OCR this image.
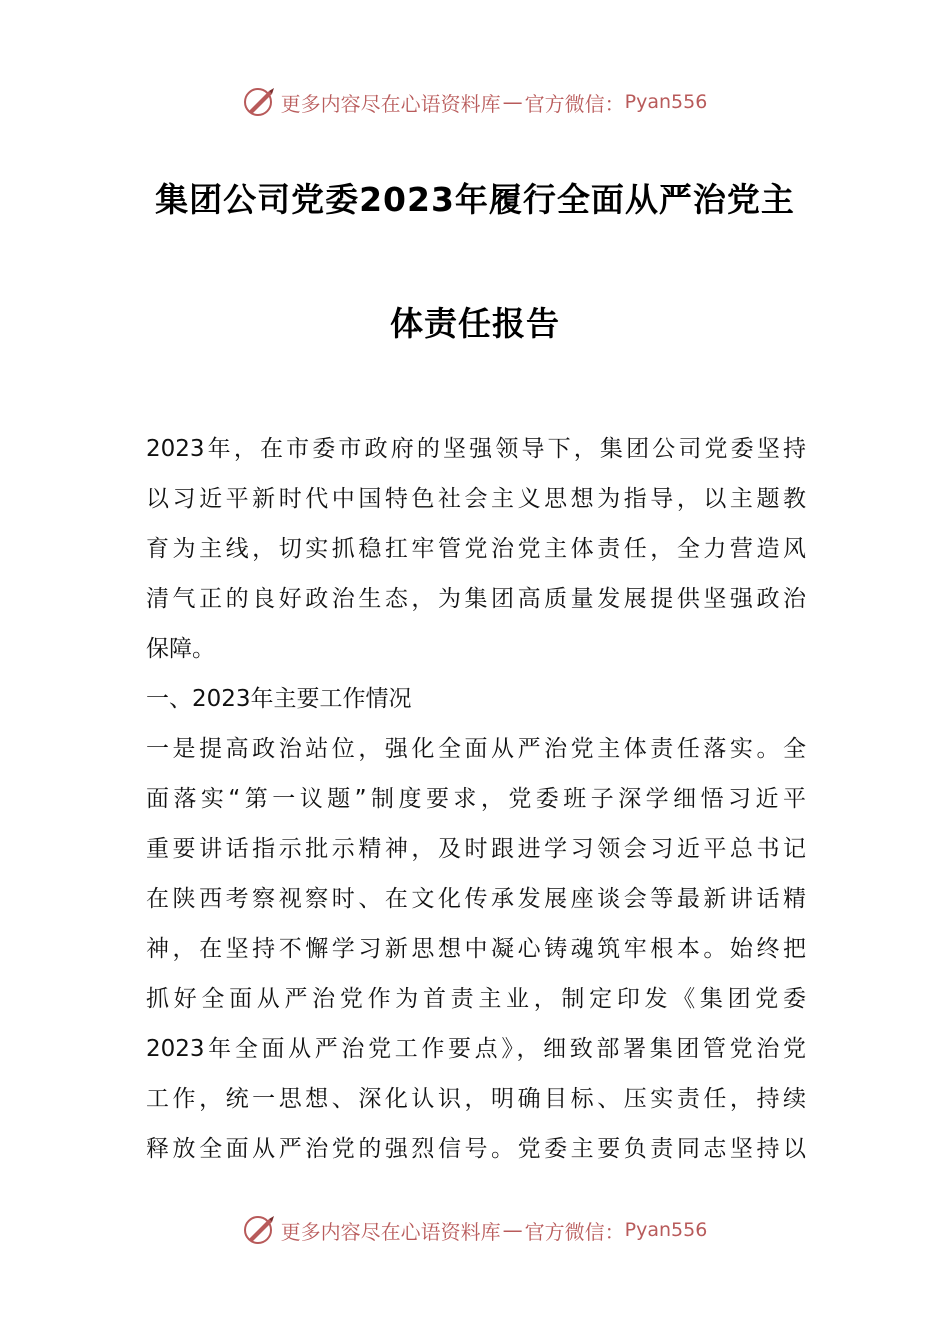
更多内容尽在心语资料库 — 官方微信： Pyan556
集团公司党委2023年履行全面从严治党主
体责任报告
2023年，在市委市政府的坚强领导下，集团公司党委坚持
以习近平新时代中国特色社会主义思想为指导，以主题教
育为主线，切实抓稳扛牢管党治党主体责任，全力营造风
清气正的良好政治生态，为集团高质量发展提供坚强政治
保障。
一、2023年主要工作情况
一是提高政治站位，强化全面从严治党主体责任落实。全
面落实“第一议题”制度要求，党委班子深学细悟习近平
重要讲话指示批示精神，及时跟进学习领会习近平总书记
在陕西考察视察时、在文化传承发展座谈会等最新讲话精
神，在坚持不懈学习新思想中凝心铸魂筑牢根本。始终把
抓好全面从严治党作为首责主业，制定印发《集团党委
2023年全面从严治党工作要点》，细致部署集团管党治党
工作，统一思想、深化认识，明确目标、压实责任，持续
释放全面从严治党的强烈信号。党委主要负责同志坚持以
更多内容尽在心语资料库 — 官方微信： Pyan556
